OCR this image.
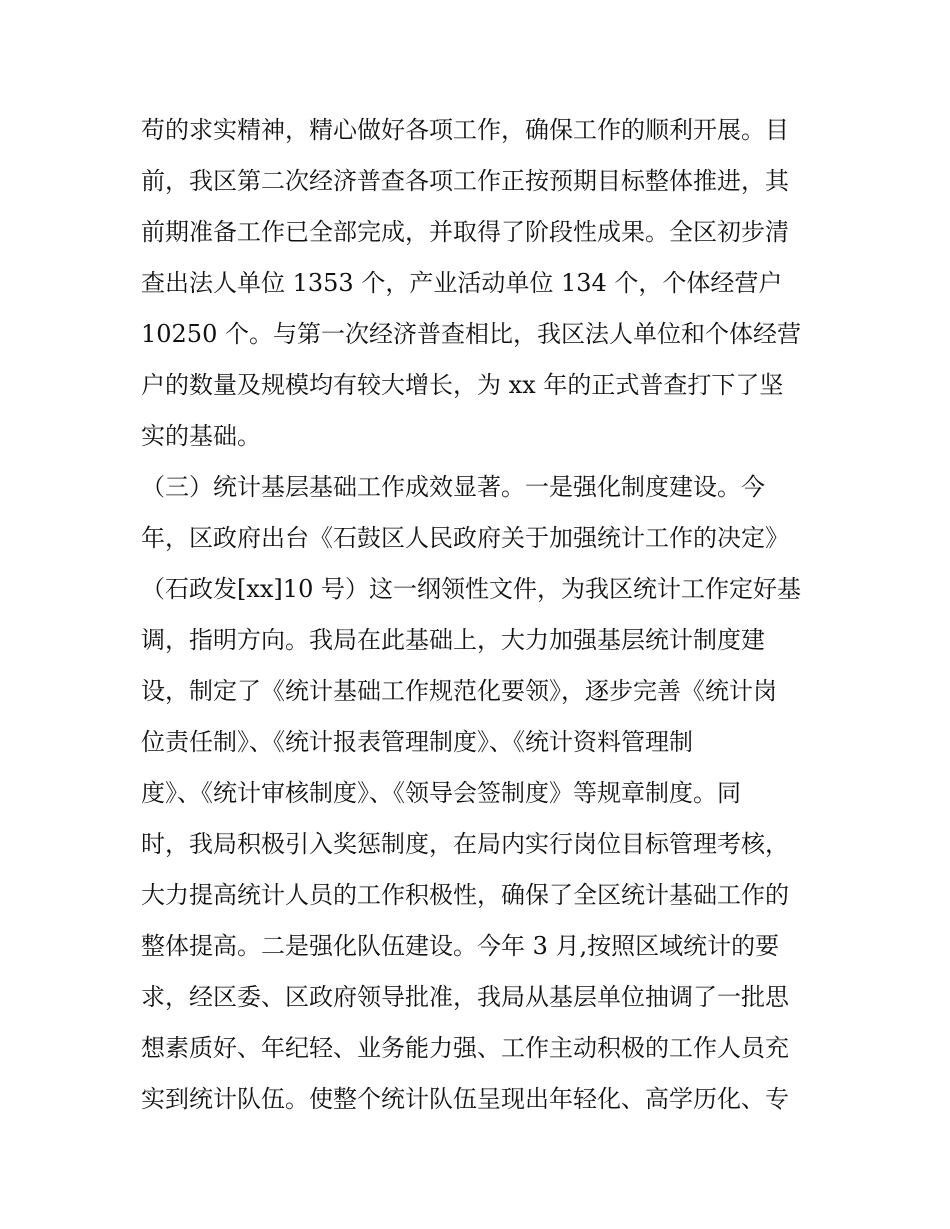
苟的求实精神，精心做好各项工作，确保工作的顺利开展。目
前，我区第二次经济普查各项工作正按预期目标整体推进，其
前期准备工作已全部完成，并取得了阶段性成果。全区初步清
查出法人单位 1353 个，产业活动单位 134 个，个体经营户
10250 个。与第一次经济普查相比，我区法人单位和个体经营
户的数量及规模均有较大增长，为 xx 年的正式普查打下了坚
实的基础。
（三）统计基层基础工作成效显著。一是强化制度建设。今
年，区政府出台《石鼓区人民政府关于加强统计工作的决定》
（石政发[xx]10 号）这一纲领性文件，为我区统计工作定好基
调，指明方向。我局在此基础上，大力加强基层统计制度建
设，制定了《统计基础工作规范化要领》，逐步完善《统计岗
位责任制》、《统计报表管理制度》、《统计资料管理制
度》、《统计审核制度》、《领导会签制度》等规章制度。同
时，我局积极引入奖惩制度，在局内实行岗位目标管理考核，
大力提高统计人员的工作积极性，确保了全区统计基础工作的
整体提高。二是强化队伍建设。今年 3 月,按照区域统计的要
求，经区委、区政府领导批准，我局从基层单位抽调了一批思
想素质好、年纪轻、业务能力强、工作主动积极的工作人员充
实到统计队伍。使整个统计队伍呈现出年轻化、高学历化、专
